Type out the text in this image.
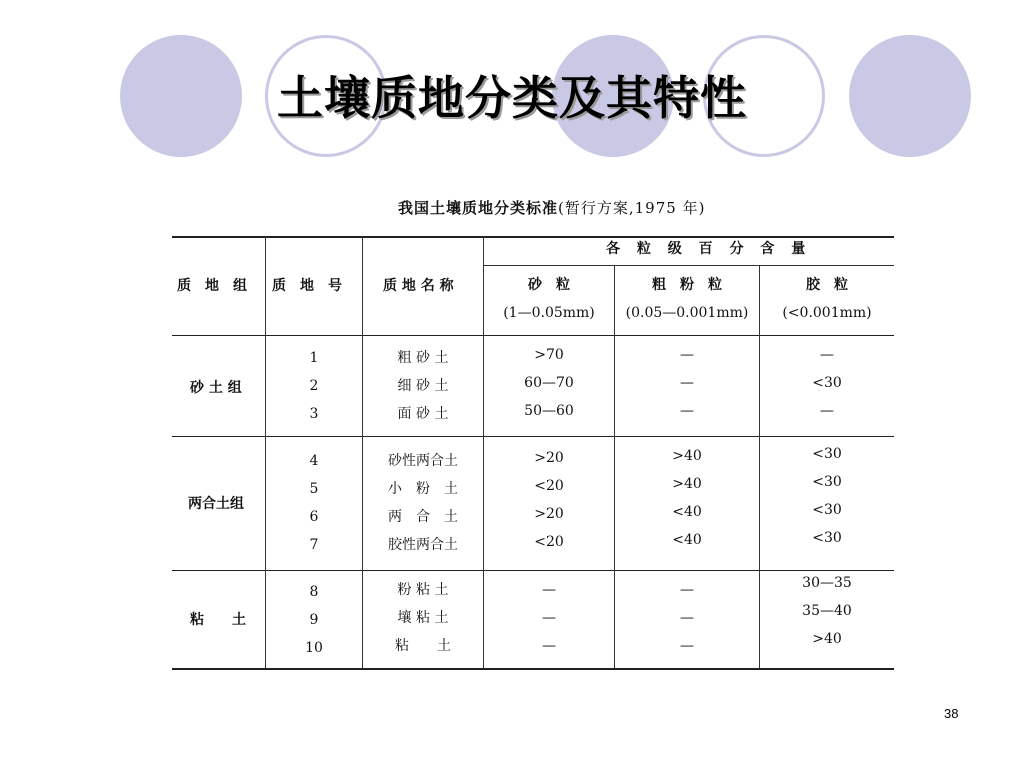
土壤质地分类及其特性
我国土壤质地分类标准(暂行方案,1975 年)
质　地　组 质　地　号	质 地 名 称
各 粒 级 百 分 含 量
砂　粒
(1—0.05mm)
粗　粉　粒
(0.05—0.001mm)
胶　粒
(<0.001mm)
砂 土 组
1
2
3
粗 砂 土
细 砂 土
面 砂 土
>70
60—70
50—60
—
—
—
—
<30
—
两合土组
4
5
6
7
砂性两合土
小　粉　土
两　合　土
胶性两合土
>20
<20
>20
<20
>40
>40
<40
<40
<30
<30
<30
<30
粘　　土
8
9
10
粉 粘 土
壤 粘 土
粘　　土
—
—
—
—
—
—
30—35
35—40
>40
38
